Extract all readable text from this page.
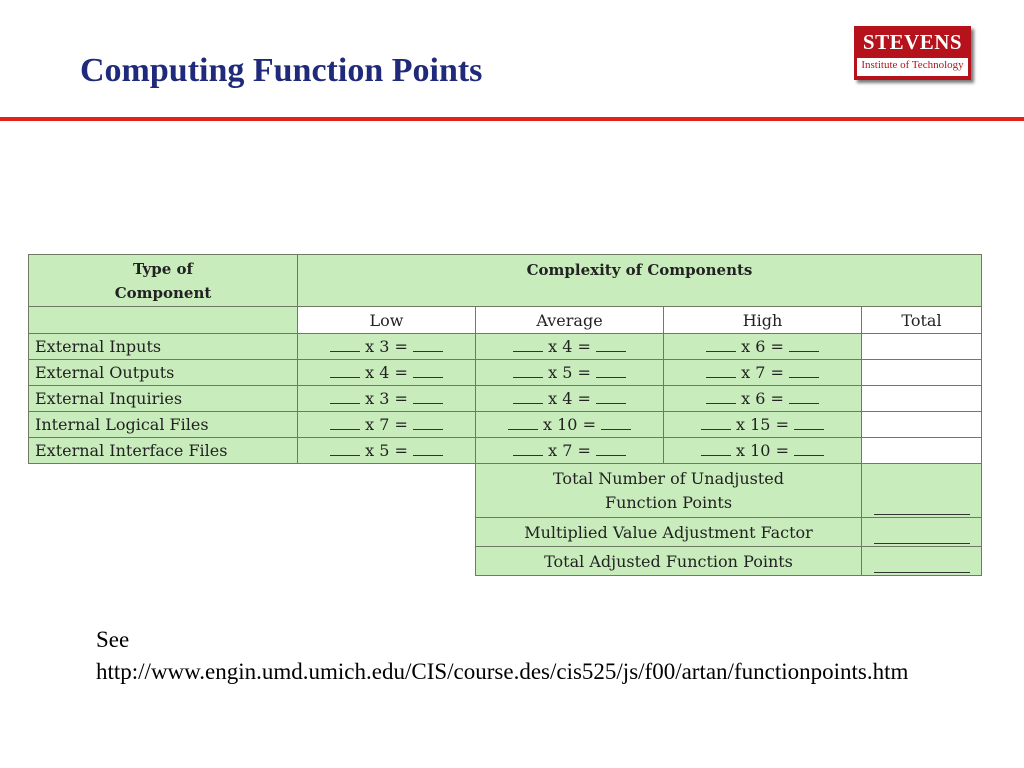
Computing Function Points
STEVENS
Institute of Technology
Type of
Component	Complexity of Components			
	Low	Average	High	Total
External Inputs	x 3 =	x 4 =	x 6 =	
External Outputs	x 4 =	x 5 =	x 7 =	
External Inquiries	x 3 =	x 4 =	x 6 =	
Internal Logical Files	x 7 =	x 10 =	x 15 =	
External Interface Files	x 5 =	x 7 =	x 10 =	
		Total Number of Unadjusted
Function Points		

		Multiplied Value Adjustment Factor		

		Total Adjusted Function Points		
See
http://www.engin.umd.umich.edu/CIS/course.des/cis525/js/f00/artan/functionpoints.htm
